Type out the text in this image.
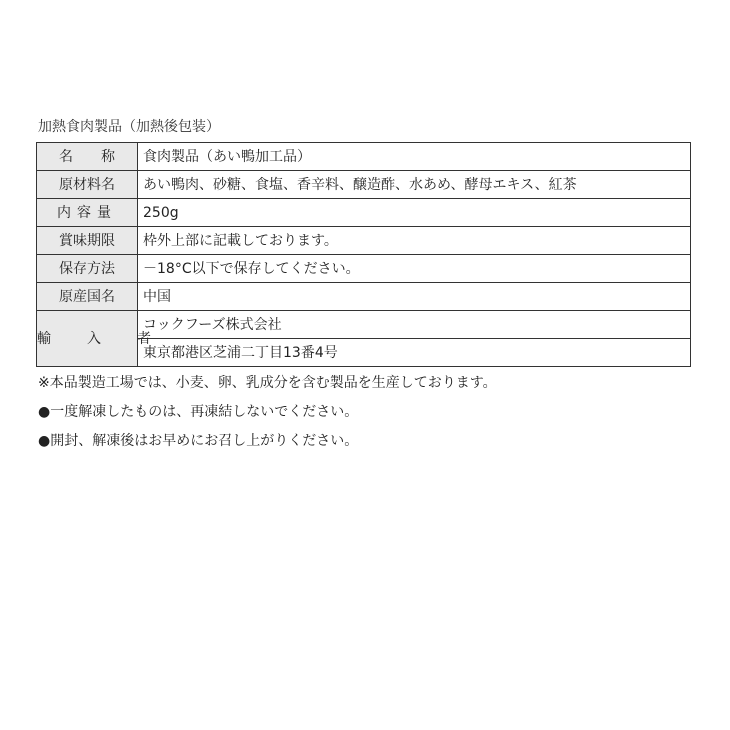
加熱食肉製品（加熱後包装）
名　　称	食肉製品（あい鴨加工品）
原材料名	あい鴨肉、砂糖、食塩、香辛料、醸造酢、水あめ、酵母エキス、紅茶
内容量	250g
賞味期限	枠外上部に記載しております。
保存方法	－18°C以下で保存してください。
原産国名	中国
輸入者	コックフーズ株式会社
	東京都港区芝浦二丁目13番4号
※本品製造工場では、小麦、卵、乳成分を含む製品を生産しております。
●一度解凍したものは、再凍結しないでください。
●開封、解凍後はお早めにお召し上がりください。
